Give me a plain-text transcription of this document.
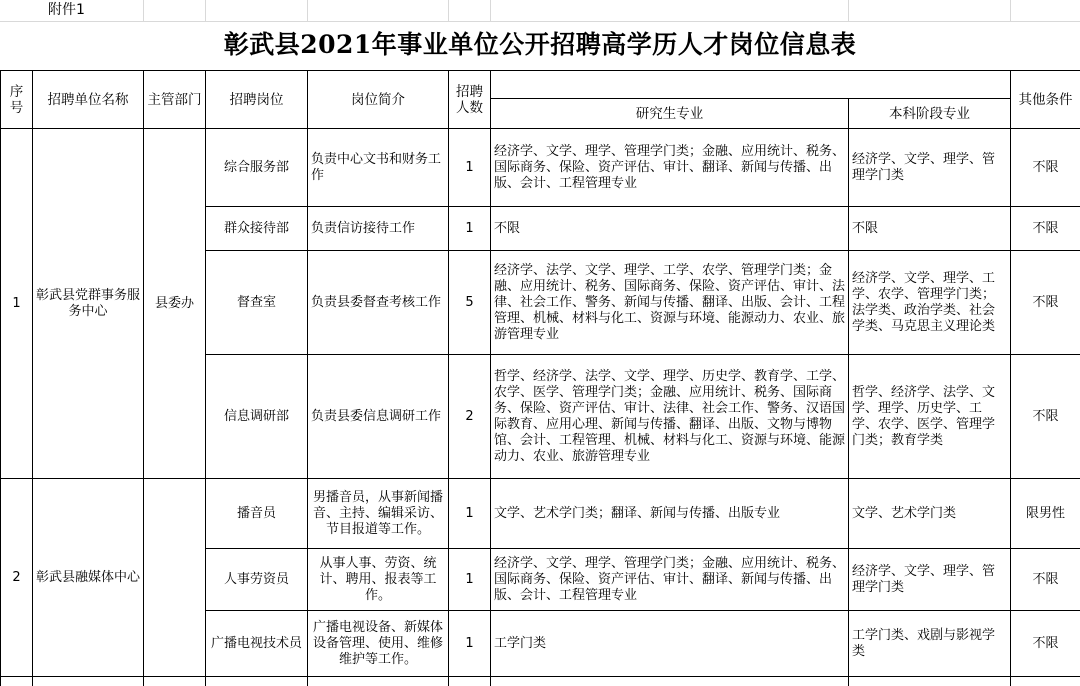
附件1
彰武县2021年事业单位公开招聘高学历人才岗位信息表
序号	招聘单位名称	主管部门	招聘岗位	岗位简介	招聘人数			其他条件
						研究生专业	本科阶段专业	
1	彰武县党群事务服务中心	县委办	综合服务部	负责中心文书和财务工作	1	经济学、文学、理学、管理学门类；金融、应用统计、税务、国际商务、保险、资产评估、审计、翻译、新闻与传播、出版、会计、工程管理专业	经济学、文学、理学、管理学门类	不限
			群众接待部	负责信访接待工作	1	不限	不限	不限
			督查室	负责县委督查考核工作	5	经济学、法学、文学、理学、工学、农学、管理学门类；金融、应用统计、税务、国际商务、保险、资产评估、审计、法律、社会工作、警务、新闻与传播、翻译、出版、会计、工程管理、机械、材料与化工、资源与环境、能源动力、农业、旅游管理专业	经济学、文学、理学、工学、农学、管理学门类；法学类、政治学类、社会学类、马克思主义理论类	不限
			信息调研部	负责县委信息调研工作	2	哲学、经济学、法学、文学、理学、历史学、教育学、工学、农学、医学、管理学门类；金融、应用统计、税务、国际商务、保险、资产评估、审计、法律、社会工作、警务、汉语国际教育、应用心理、新闻与传播、翻译、出版、文物与博物馆、会计、工程管理、机械、材料与化工、资源与环境、能源动力、农业、旅游管理专业	哲学、经济学、法学、文学、理学、历史学、工学、农学、医学、管理学门类；教育学类	不限
2	彰武县融媒体中心		播音员	男播音员，从事新闻播音、主持、编辑采访、节目报道等工作。	1	文学、艺术学门类；翻译、新闻与传播、出版专业	文学、艺术学门类	限男性
			人事劳资员	从事人事、劳资、统计、聘用、报表等工作。	1	经济学、文学、理学、管理学门类；金融、应用统计、税务、国际商务、保险、资产评估、审计、翻译、新闻与传播、出版、会计、工程管理专业	经济学、文学、理学、管理学门类	不限
			广播电视技术员	广播电视设备、新媒体设备管理、使用、维修维护等工作。	1	工学门类	工学门类、戏剧与影视学类	不限
